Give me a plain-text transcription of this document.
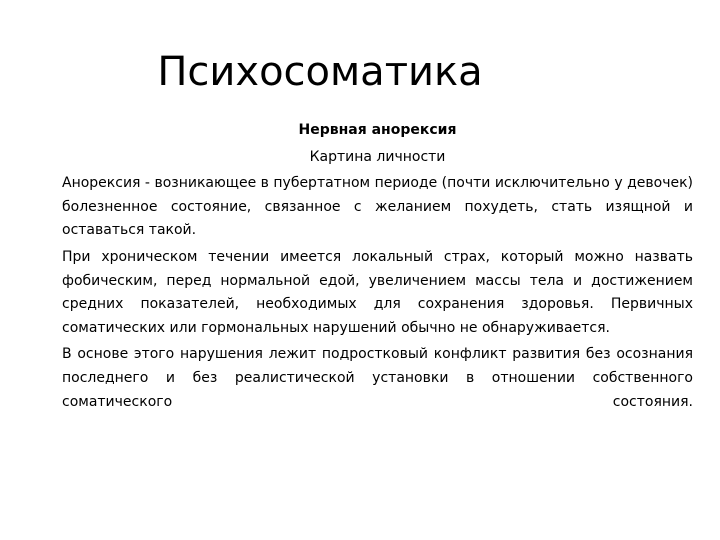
Психосоматика

Нервная анорексия

Картина личности

Анорексия - возникающее в пубертатном периоде (почти исключительно у девочек) болезненное состояние, связанное с желанием похудеть, стать изящной и оставаться такой.

При хроническом течении имеется локальный страх, который можно назвать фобическим, перед нормальной едой, увеличением массы тела и достижением средних показателей, необходимых для сохранения здоровья. Первичных соматических или гормональных нарушений обычно не обнаруживается.

В основе этого нарушения лежит подростковый конфликт развития без осознания последнего и без реалистической установки в отношении собственного соматического состояния.
